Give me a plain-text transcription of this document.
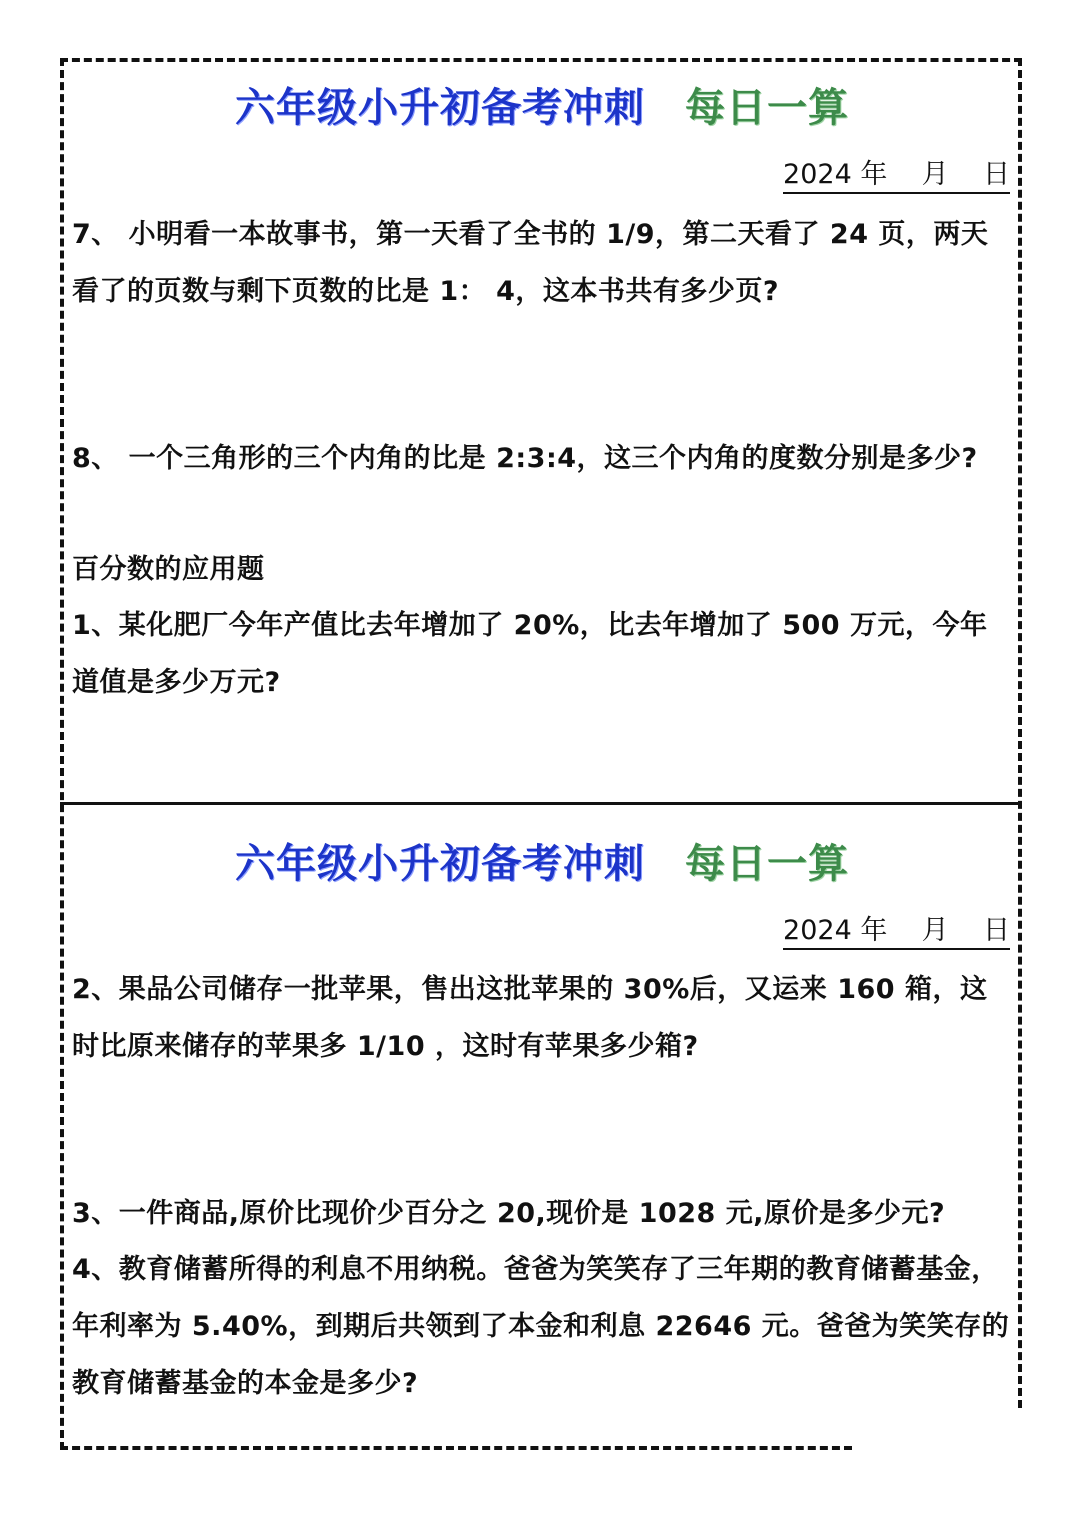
六年级小升初备考冲刺 每日一算
2024 年    月    日
7、 小明看一本故事书，第一天看了全书的 1/9，第二天看了 24 页，两天
看了的页数与剩下页数的比是 1： 4，这本书共有多少页?
8、 一个三角形的三个内角的比是 2:3:4，这三个内角的度数分别是多少?
百分数的应用题
1、某化肥厂今年产值比去年增加了 20%，比去年增加了 500 万元，今年
道值是多少万元?
六年级小升初备考冲刺 每日一算
2024 年    月    日
2、果品公司储存一批苹果，售出这批苹果的 30%后，又运来 160 箱，这
时比原来储存的苹果多 1/10 ，这时有苹果多少箱?
3、一件商品,原价比现价少百分之 20,现价是 1028 元,原价是多少元?
4、教育储蓄所得的利息不用纳税。爸爸为笑笑存了三年期的教育储蓄基金，
年利率为 5.40%，到期后共领到了本金和利息 22646 元。爸爸为笑笑存的
教育储蓄基金的本金是多少?
